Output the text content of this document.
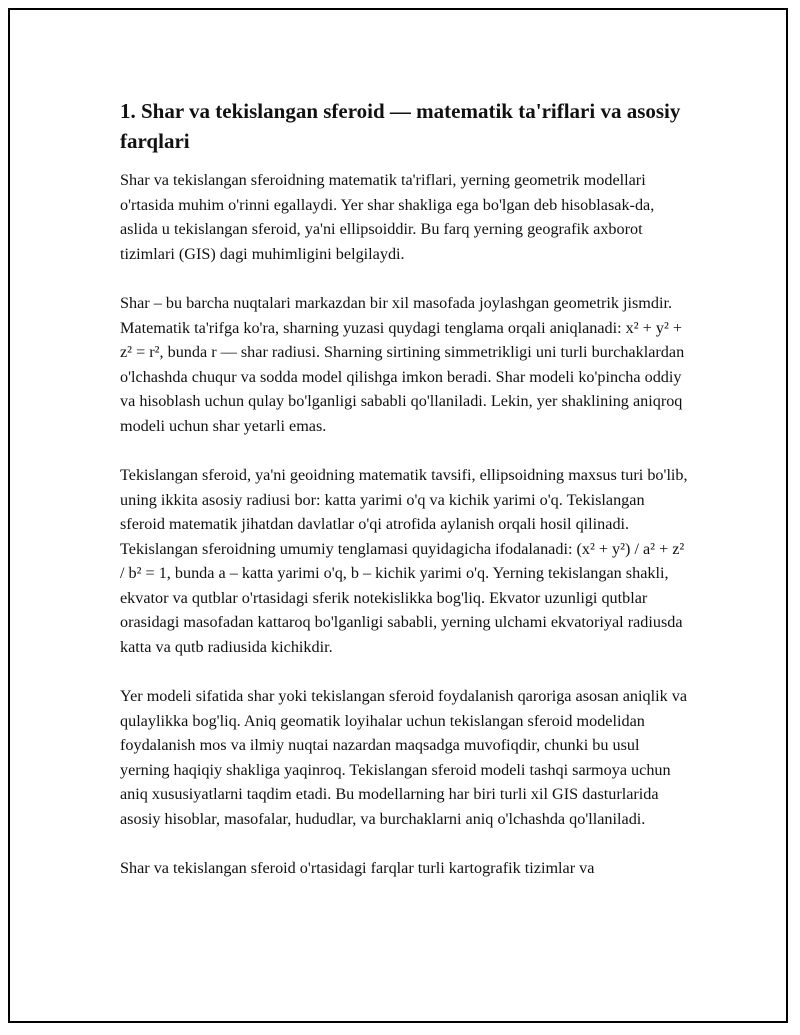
1. Shar va tekislangan sferoid — matematik ta'riflari va asosiy farqlari

Shar va tekislangan sferoidning matematik ta'riflari, yerning geometrik modellari o'rtasida muhim o'rinni egallaydi. Yer shar shakliga ega bo'lgan deb hisoblasak-da, aslida u tekislangan sferoid, ya'ni ellipsoiddir. Bu farq yerning geografik axborot tizimlari (GIS) dagi muhimligini belgilaydi.

Shar – bu barcha nuqtalari markazdan bir xil masofada joylashgan geometrik jismdir. Matematik ta'rifga ko'ra, sharning yuzasi quydagi tenglama orqali aniqlanadi: x² + y² + z² = r², bunda r — shar radiusi. Sharning sirtining simmetrikligi uni turli burchaklardan o'lchashda chuqur va sodda model qilishga imkon beradi. Shar modeli ko'pincha oddiy va hisoblash uchun qulay bo'lganligi sababli qo'llaniladi. Lekin, yer shaklining aniqroq modeli uchun shar yetarli emas.

Tekislangan sferoid, ya'ni geoidning matematik tavsifi, ellipsoidning maxsus turi bo'lib, uning ikkita asosiy radiusi bor: katta yarimi o'q va kichik yarimi o'q. Tekislangan sferoid matematik jihatdan davlatlar o'qi atrofida aylanish orqali hosil qilinadi. Tekislangan sferoidning umumiy tenglamasi quyidagicha ifodalanadi: (x² + y²) / a² + z² / b² = 1, bunda a – katta yarimi o'q, b – kichik yarimi o'q. Yerning tekislangan shakli, ekvator va qutblar o'rtasidagi sferik notekislikka bog'liq. Ekvator uzunligi qutblar orasidagi masofadan kattaroq bo'lganligi sababli, yerning ulchami ekvatoriyal radiusda katta va qutb radiusida kichikdir.

Yer modeli sifatida shar yoki tekislangan sferoid foydalanish qaroriga asosan aniqlik va qulaylikka bog'liq. Aniq geomatik loyihalar uchun tekislangan sferoid modelidan foydalanish mos va ilmiy nuqtai nazardan maqsadga muvofiqdir, chunki bu usul yerning haqiqiy shakliga yaqinroq. Tekislangan sferoid modeli tashqi sarmoya uchun aniq xususiyatlarni taqdim etadi. Bu modellarning har biri turli xil GIS dasturlarida asosiy hisoblar, masofalar, hududlar, va burchaklarni aniq o'lchashda qo'llaniladi.

Shar va tekislangan sferoid o'rtasidagi farqlar turli kartografik tizimlar va
